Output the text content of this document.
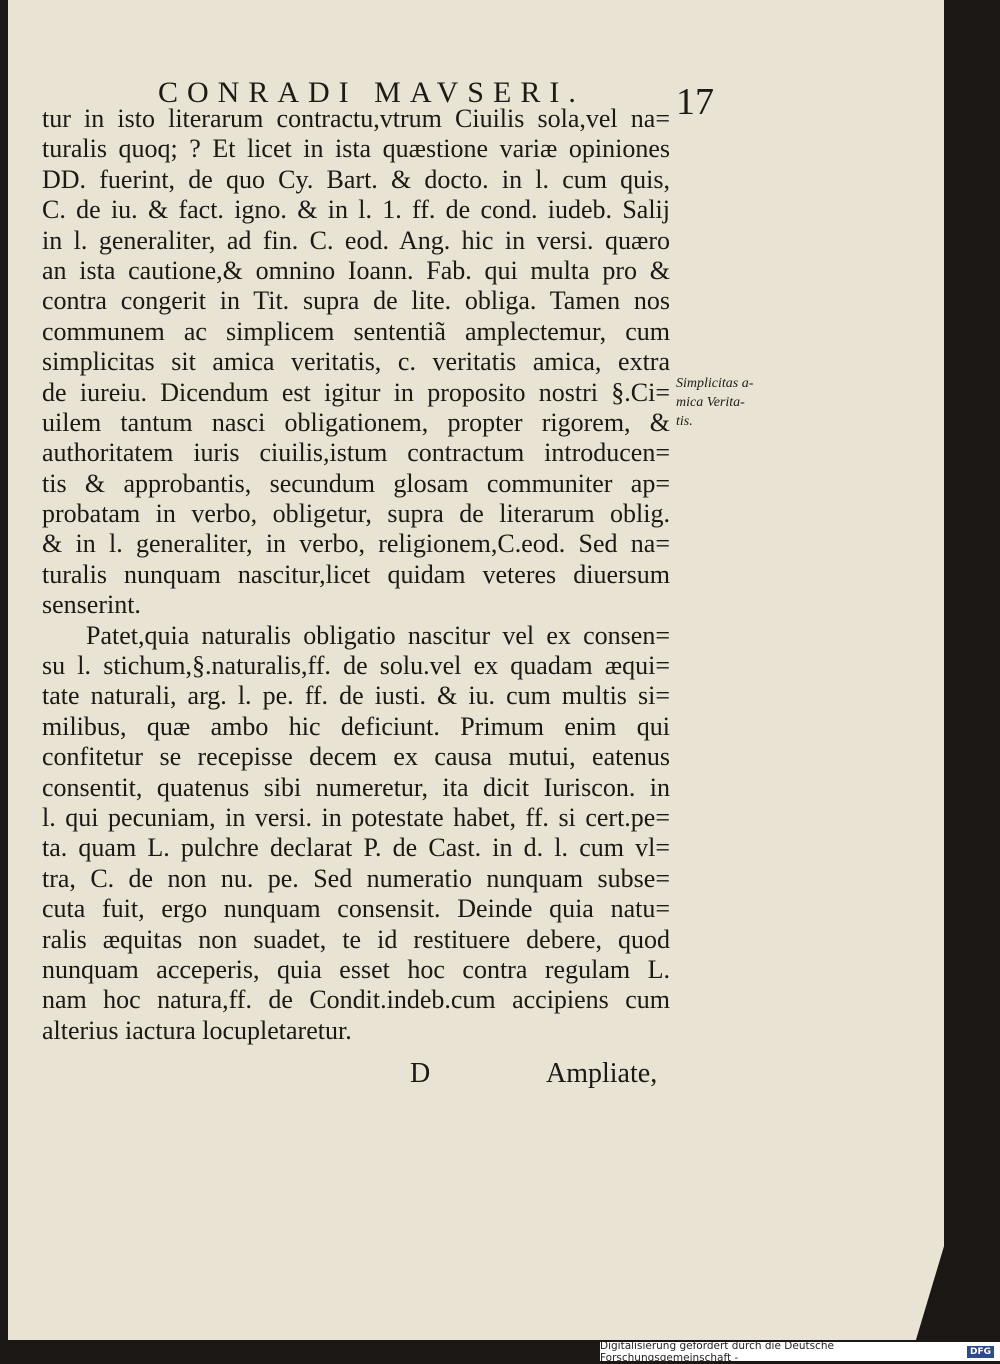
CONRADI MAVSERI. 17
tur in isto literarum contractu,vtrum Ciuilis sola,vel na=
turalis quoq; ? Et licet in ista quæstione variæ opiniones
DD. fuerint, de quo Cy. Bart. & docto. in l. cum quis,
C. de iu. & fact. igno. & in l. 1. ff. de cond. iudeb. Salij
in l. generaliter, ad fin. C. eod. Ang. hic in versi. quæro
an ista cautione,& omnino Ioann. Fab. qui multa pro &
contra congerit in Tit. supra de lite. obliga. Tamen nos
communem ac simplicem sententiã amplectemur, cum
simplicitas sit amica veritatis, c. veritatis amica, extra
de iureiu. Dicendum est igitur in proposito nostri §.Ci=
uilem tantum nasci obligationem, propter rigorem, &
authoritatem iuris ciuilis,istum contractum introducen=
tis & approbantis, secundum glosam communiter ap=
probatam in verbo, obligetur, supra de literarum oblig.
& in l. generaliter, in verbo, religionem,C.eod. Sed na=
turalis nunquam nascitur,licet quidam veteres diuersum
senserint.
Patet,quia naturalis obligatio nascitur vel ex consen=
su l. stichum,§.naturalis,ff. de solu.vel ex quadam æqui=
tate naturali, arg. l. pe. ff. de iusti. & iu. cum multis si=
milibus, quæ ambo hic deficiunt. Primum enim qui
confitetur se recepisse decem ex causa mutui, eatenus
consentit, quatenus sibi numeretur, ita dicit Iuriscon. in
l. qui pecuniam, in versi. in potestate habet, ff. si cert.pe=
ta. quam L. pulchre declarat P. de Cast. in d. l. cum vl=
tra, C. de non nu. pe. Sed numeratio nunquam subse=
cuta fuit, ergo nunquam consensit. Deinde quia natu=
ralis æquitas non suadet, te id restituere debere, quod
nunquam acceperis, quia esset hoc contra regulam L.
nam hoc natura,ff. de Condit.indeb.cum accipiens cum
alterius iactura locupletaretur.
Simplicitas a-
mica Verita-
tis.
D	Ampliate,
Digitalisierung gefördert durch die Deutsche Forschungsgemeinschaft -	DFG
